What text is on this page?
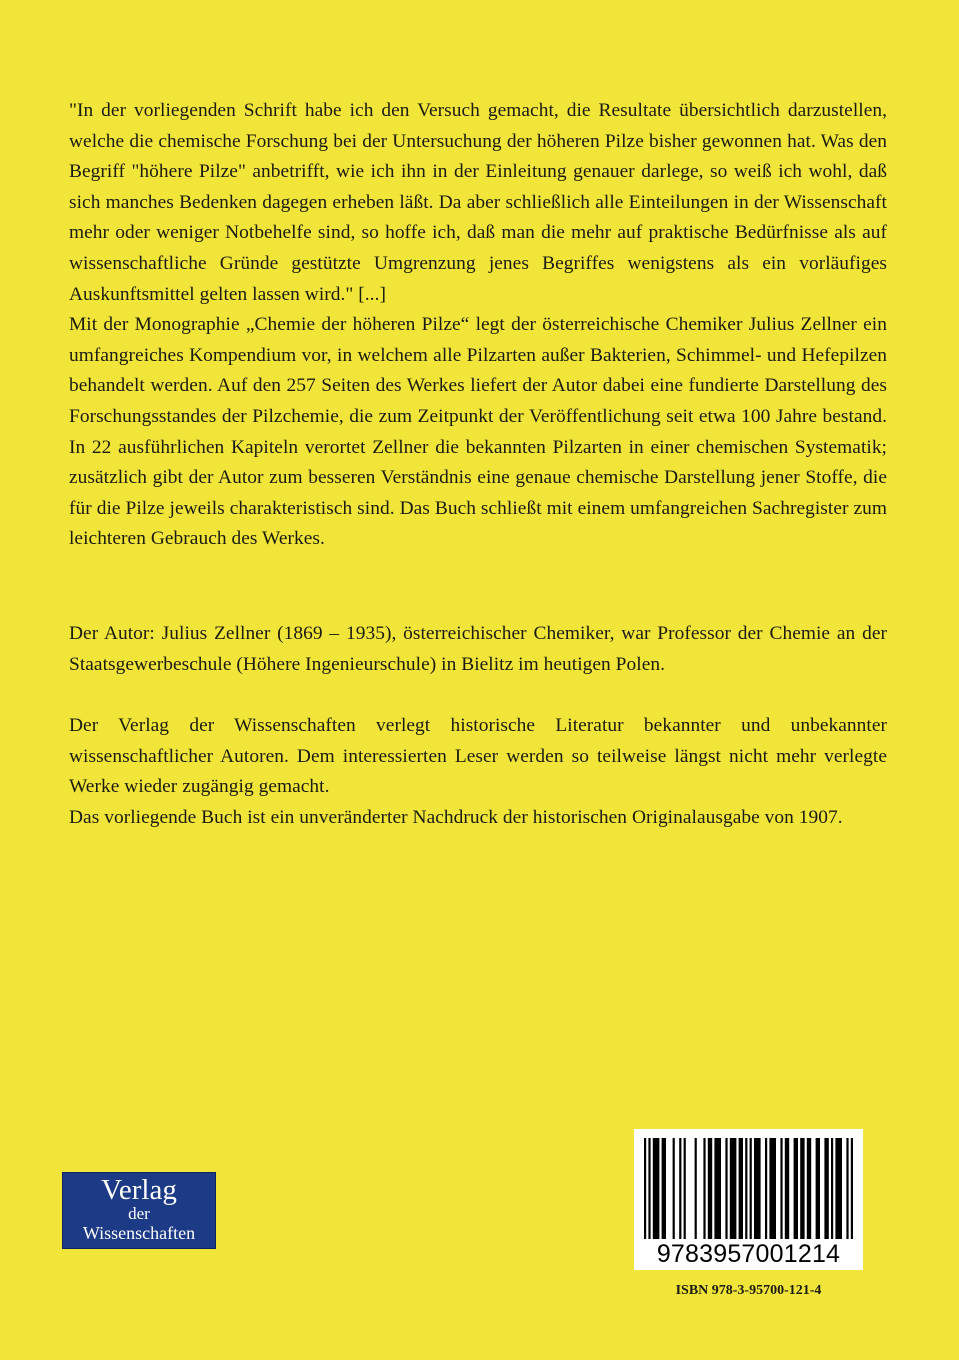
"In der vorliegenden Schrift habe ich den Versuch gemacht, die Resultate übersichtlich darzustellen, welche die chemische Forschung bei der Untersuchung der höheren Pilze bisher gewonnen hat. Was den Begriff "höhere Pilze" anbetrifft, wie ich ihn in der Einleitung genauer darlege, so weiß ich wohl, daß sich manches Bedenken dagegen erheben läßt. Da aber schließlich alle Einteilungen in der Wissenschaft mehr oder weniger Notbehelfe sind, so hoffe ich, daß man die mehr auf praktische Bedürfnisse als auf wissenschaftliche Gründe gestützte Umgrenzung jenes Begriffes wenigstens als ein vorläufiges Auskunftsmittel gelten lassen wird." [...]

Mit der Monographie „Chemie der höheren Pilze“ legt der österreichische Chemiker Julius Zellner ein umfangreiches Kompendium vor, in welchem alle Pilzarten außer Bakterien, Schimmel- und Hefepilzen behandelt werden. Auf den 257 Seiten des Werkes liefert der Autor dabei eine fundierte Darstellung des Forschungsstandes der Pilzchemie, die zum Zeitpunkt der Veröffentlichung seit etwa 100 Jahre bestand. In 22 ausführlichen Kapiteln verortet Zellner die bekannten Pilzarten in einer chemischen Systematik; zusätzlich gibt der Autor zum besseren Verständnis eine genaue chemische Darstellung jener Stoffe, die für die Pilze jeweils charakteristisch sind. Das Buch schließt mit einem umfangreichen Sachregister zum leichteren Gebrauch des Werkes.

Der Autor: Julius Zellner (1869 – 1935), österreichischer Chemiker, war Professor der Chemie an der Staatsgewerbeschule (Höhere Ingenieurschule) in Bielitz im heutigen Polen.

Der Verlag der Wissenschaften verlegt historische Literatur bekannter und unbekannter wissenschaftlicher Autoren. Dem interessierten Leser werden so teilweise längst nicht mehr verlegte Werke wieder zugängig gemacht.

Das vorliegende Buch ist ein unveränderter Nachdruck der historischen Originalausgabe von 1907.

Verlag
der
Wissenschaften
9783957001214
ISBN 978-3-95700-121-4
